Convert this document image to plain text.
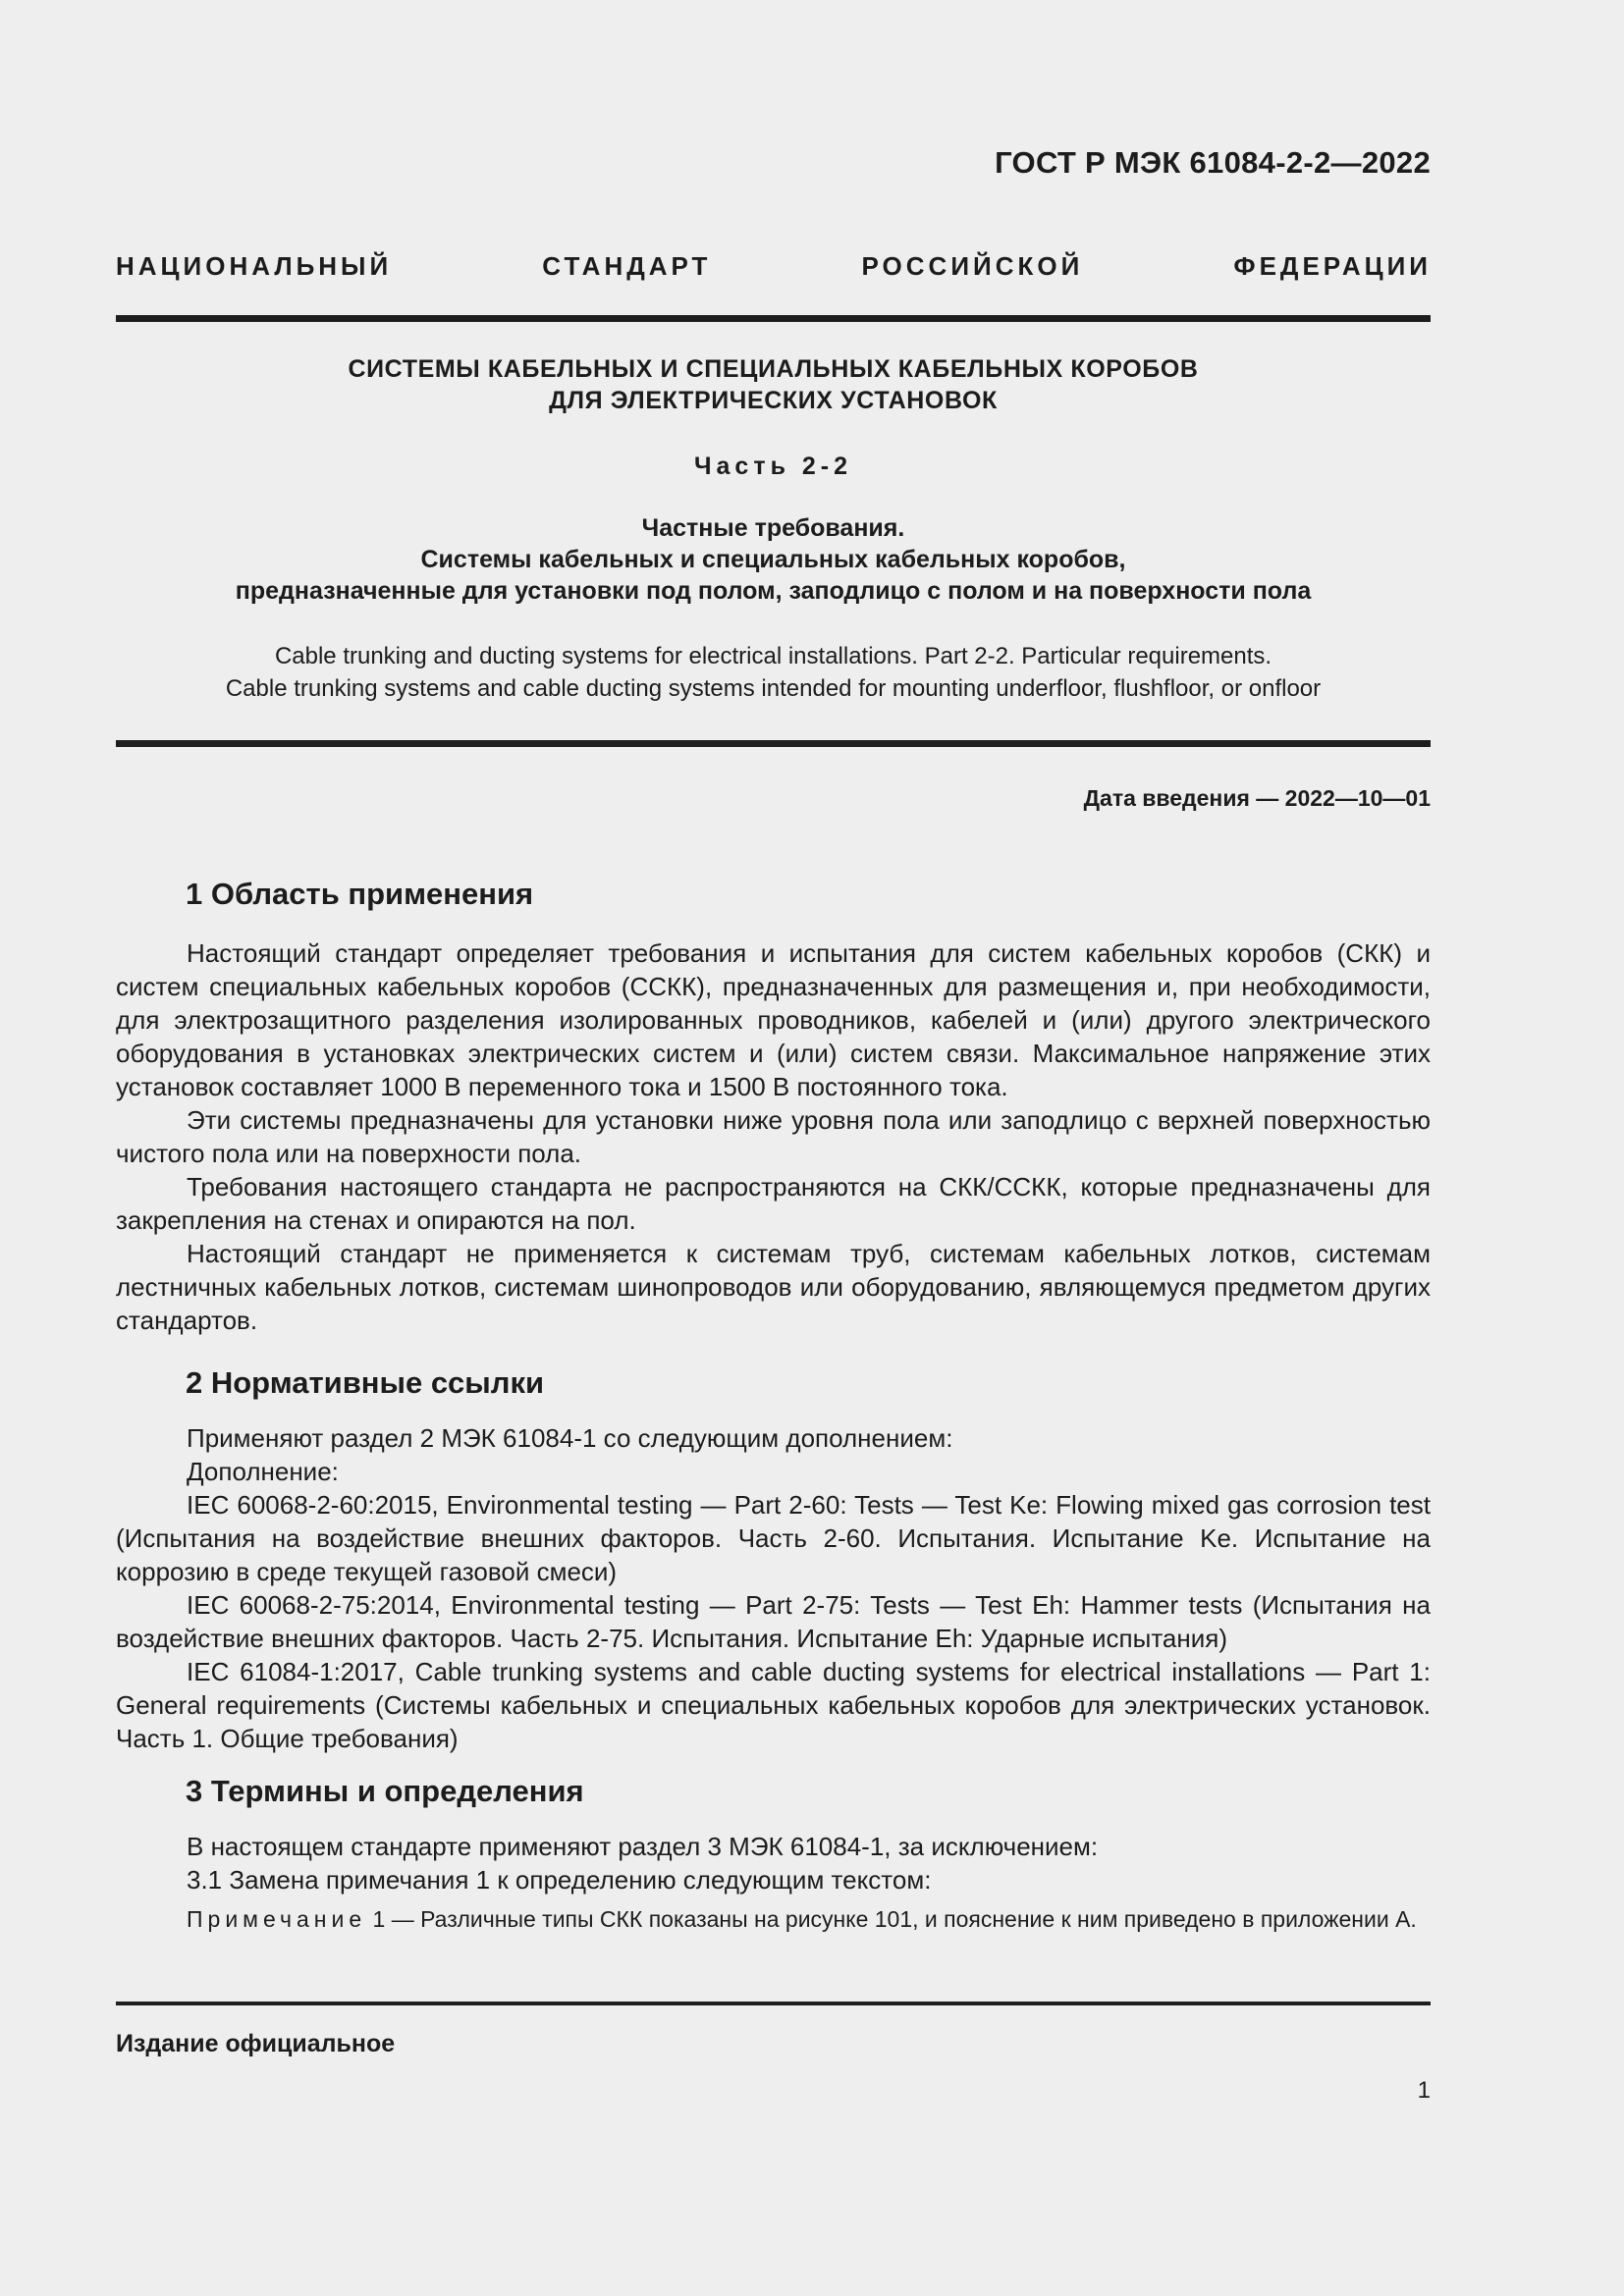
ГОСТ Р МЭК 61084-2-2—2022
НАЦИОНАЛЬНЫЙ СТАНДАРТ РОССИЙСКОЙ ФЕДЕРАЦИИ
СИСТЕМЫ КАБЕЛЬНЫХ И СПЕЦИАЛЬНЫХ КАБЕЛЬНЫХ КОРОБОВ
ДЛЯ ЭЛЕКТРИЧЕСКИХ УСТАНОВОК
Часть 2-2
Частные требования.
Системы кабельных и специальных кабельных коробов,
предназначенные для установки под полом, заподлицо с полом и на поверхности пола
Cable trunking and ducting systems for electrical installations. Part 2-2. Particular requirements.
Cable trunking systems and cable ducting systems intended for mounting underfloor, flushfloor, or onfloor
Дата введения — 2022—10—01
1 Область применения

Настоящий стандарт определяет требования и испытания для систем кабельных коробов (СКК) и систем специальных кабельных коробов (ССКК), предназначенных для размещения и, при необходимости, для электрозащитного разделения изолированных проводников, кабелей и (или) другого электрического оборудования в установках электрических систем и (или) систем связи. Максимальное напряжение этих установок составляет 1000 В переменного тока и 1500 В постоянного тока.

Эти системы предназначены для установки ниже уровня пола или заподлицо с верхней поверхностью чистого пола или на поверхности пола.

Требования настоящего стандарта не распространяются на СКК/ССКК, которые предназначены для закрепления на стенах и опираются на пол.

Настоящий стандарт не применяется к системам труб, системам кабельных лотков, системам лестничных кабельных лотков, системам шинопроводов или оборудованию, являющемуся предметом других стандартов.

2 Нормативные ссылки

Применяют раздел 2 МЭК 61084-1 со следующим дополнением:

Дополнение:

IEC 60068-2-60:2015, Environmental testing — Part 2-60: Tests — Test Ke: Flowing mixed gas corrosion test (Испытания на воздействие внешних факторов. Часть 2-60. Испытания. Испытание Ke. Испытание на коррозию в среде текущей газовой смеси)

IEC 60068-2-75:2014, Environmental testing — Part 2-75: Tests — Test Eh: Hammer tests (Испытания на воздействие внешних факторов. Часть 2-75. Испытания. Испытание Eh: Ударные испытания)

IEC 61084-1:2017, Cable trunking systems and cable ducting systems for electrical installations — Part 1: General requirements (Системы кабельных и специальных кабельных коробов для электрических установок. Часть 1. Общие требования)

3 Термины и определения

В настоящем стандарте применяют раздел 3 МЭК 61084-1, за исключением:

3.1 Замена примечания 1 к определению следующим текстом:

Примечание 1 — Различные типы СКК показаны на рисунке 101, и пояснение к ним приведено в приложении А.

Издание официальное
1
